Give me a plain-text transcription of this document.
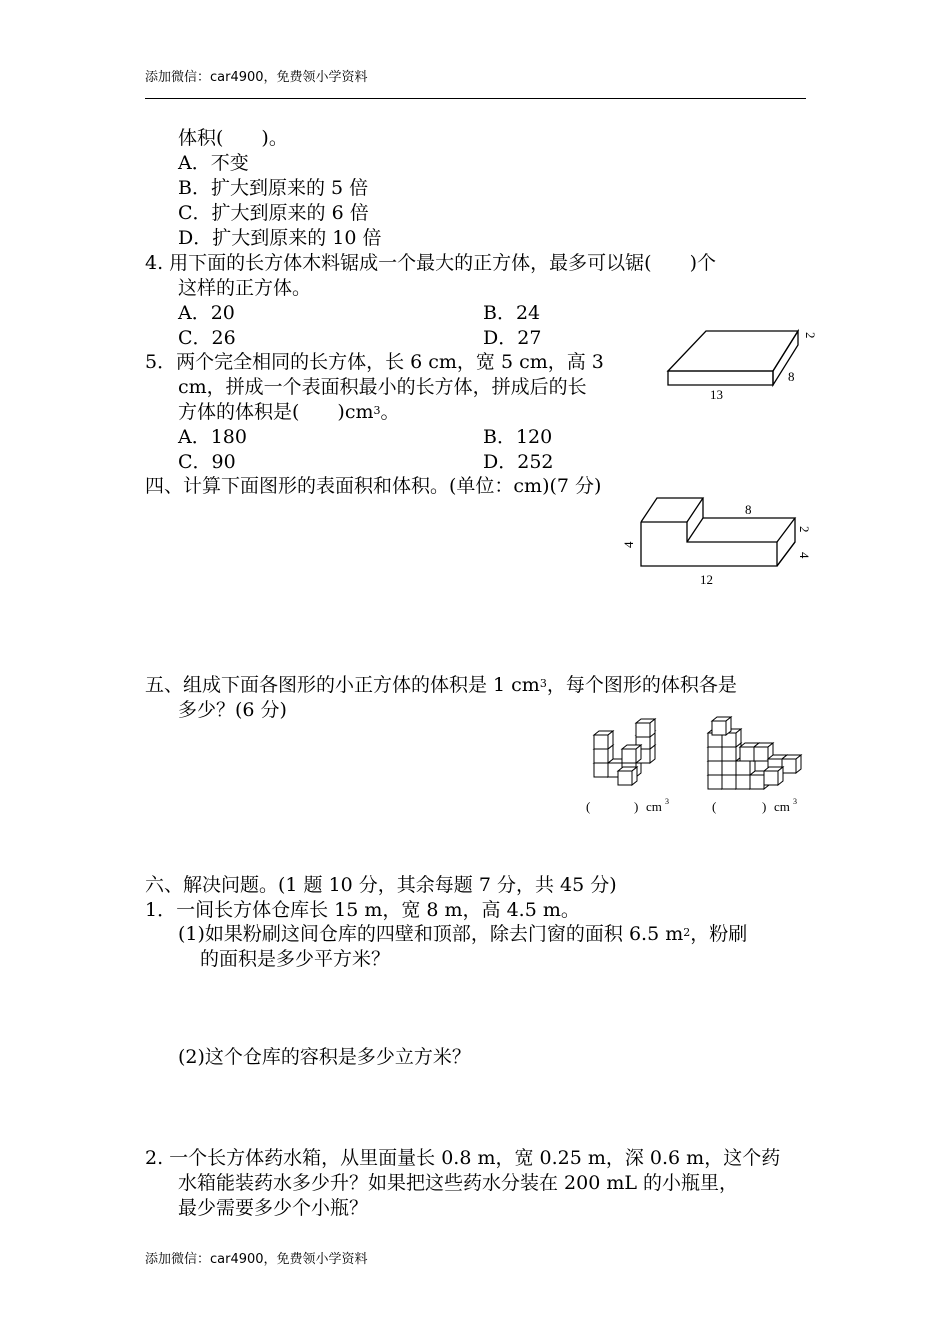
添加微信：car4900，免费领小学资料
体积(　　)。
A．不变
B．扩大到原来的 5 倍
C．扩大到原来的 6 倍
D．扩大到原来的 10 倍
4. 用下面的长方体木料锯成一个最大的正方体，最多可以锯(　　)个
这样的正方体。
A．20	B．24
C．26	D．27
13
8
2
5．两个完全相同的长方体，长 6 cm，宽 5 cm，高 3
cm，拼成一个表面积最小的长方体，拼成后的长
方体的体积是(　　)$cm^3$。
A．180	B．120
C．90	D．252
四、计算下面图形的表面积和体积。(单位：cm)(7 分)
8
4
2
4
12
五、组成下面各图形的小正方体的体积是 1 $cm^3$，每个图形的体积各是
多少？(6 分)
(	) cm 3	(	) cm 3
六、解决问题。(1 题 10 分，其余每题 7 分，共 45 分)
1．一间长方体仓库长 15 m，宽 8 m，高 4.5 m。
(1)如果粉刷这间仓库的四壁和顶部，除去门窗的面积 6.5 $m^2$，粉刷
的面积是多少平方米？
(2)这个仓库的容积是多少立方米？
2. 一个长方体药水箱，从里面量长 0.8 m，宽 0.25 m，深 0.6 m，这个药
水箱能装药水多少升？如果把这些药水分装在 200 mL 的小瓶里，
最少需要多少个小瓶？
添加微信：car4900，免费领小学资料
